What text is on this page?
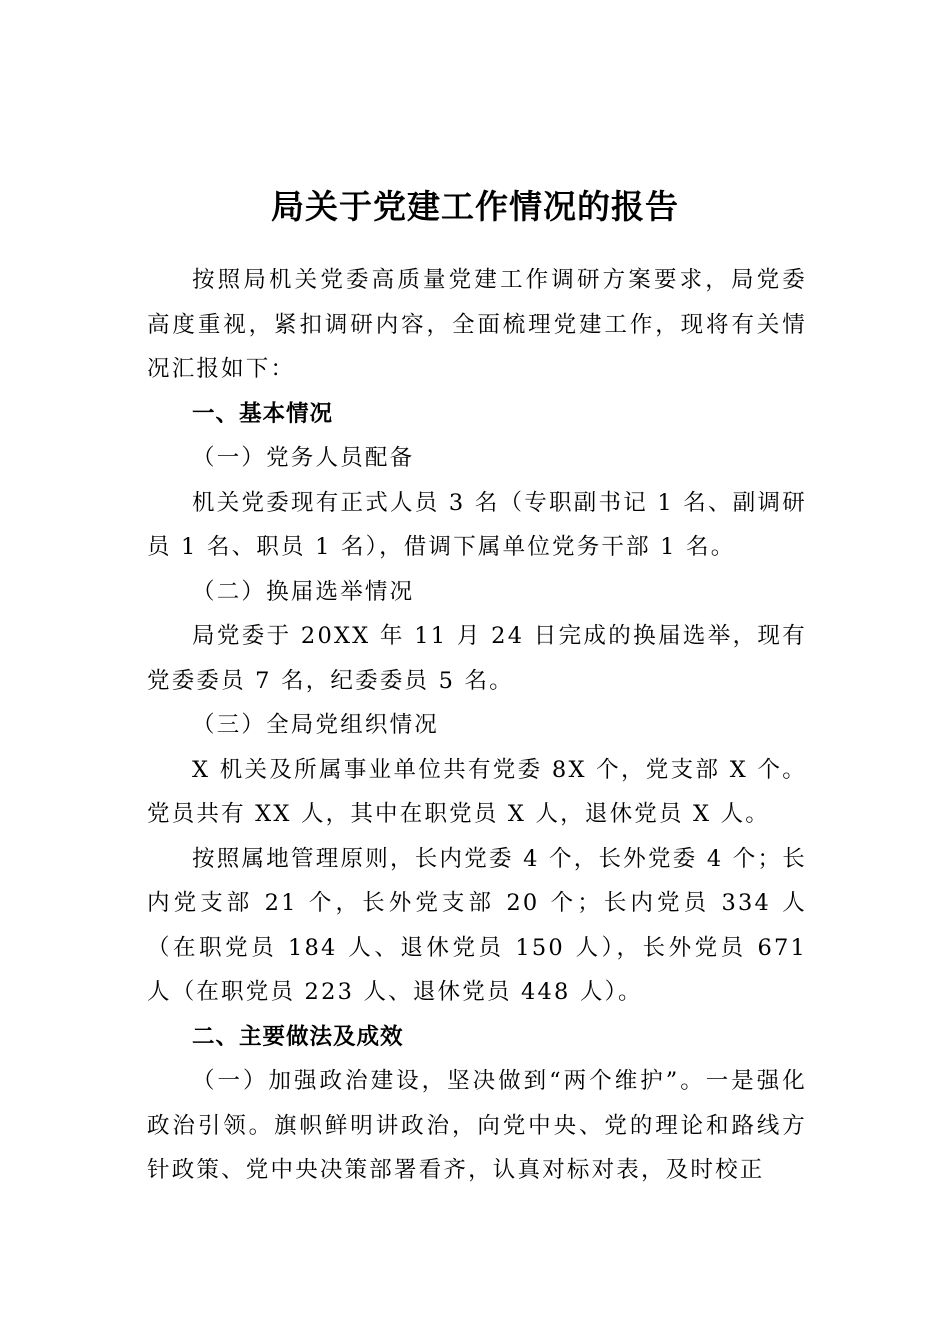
局关于党建工作情况的报告

按照局机关党委高质量党建工作调研方案要求，局党委高度重视，紧扣调研内容，全面梳理党建工作，现将有关情况汇报如下：

一、基本情况

（一）党务人员配备

机关党委现有正式人员 3 名（专职副书记 1 名、副调研员 1 名、职员 1 名），借调下属单位党务干部 1 名。

（二）换届选举情况

局党委于 20XX 年 11 月 24 日完成的换届选举，现有党委委员 7 名，纪委委员 5 名。

（三）全局党组织情况

X 机关及所属事业单位共有党委 8X 个，党支部 X 个。党员共有 XX 人，其中在职党员 X 人，退休党员 X 人。

按照属地管理原则，长内党委 4 个，长外党委 4 个；长内党支部 21 个，长外党支部 20 个；长内党员 334 人（在职党员 184 人、退休党员 150 人），长外党员 671 人（在职党员 223 人、退休党员 448 人）。

二、主要做法及成效

（一）加强政治建设，坚决做到“两个维护”。一是强化政治引领。旗帜鲜明讲政治，向党中央、党的理论和路线方针政策、党中央决策部署看齐，认真对标对表，及时校正
